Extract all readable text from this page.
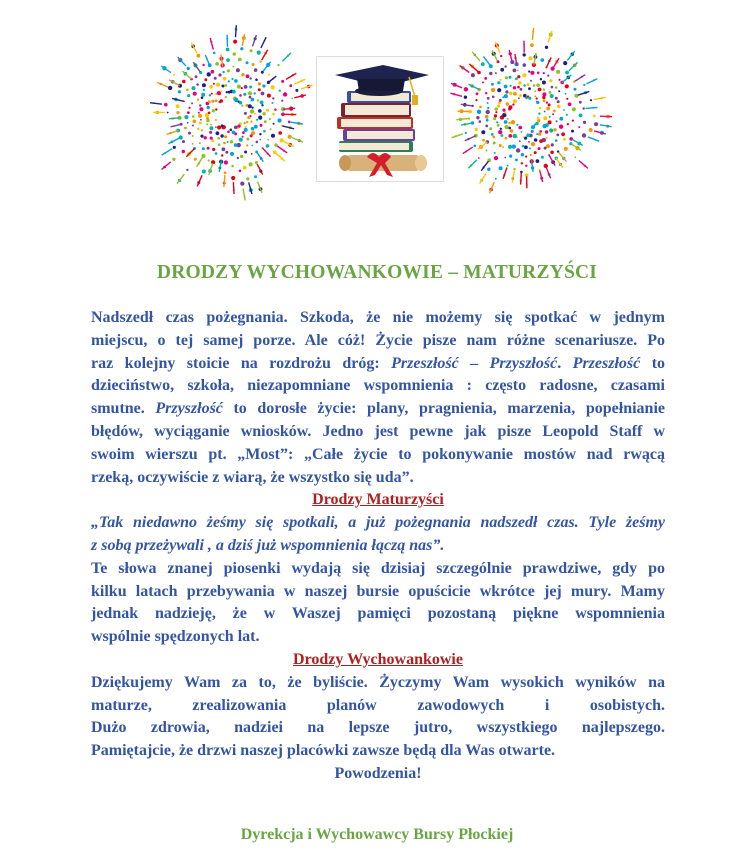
DRODZY WYCHOWANKOWIE – MATURZYŚCI

Nadszedł czas pożegnania. Szkoda, że nie możemy się spotkać w jednym

miejscu, o tej samej porze. Ale cóż! Życie pisze nam różne scenariusze. Po

raz kolejny stoicie na rozdrożu dróg: Przeszłość – Przyszłość. Przeszłość to

dzieciństwo, szkoła, niezapomniane wspomnienia : często radosne, czasami

smutne. Przyszłość to dorosłe życie: plany, pragnienia, marzenia, popełnianie

błędów, wyciąganie wniosków. Jedno jest pewne jak pisze Leopold Staff w

swoim wierszu pt. „Most”: „Całe życie to pokonywanie mostów nad rwącą

rzeką, oczywiście z wiarą, że wszystko się uda”.

Drodzy Maturzyści

„Tak niedawno żeśmy się spotkali, a już pożegnania nadszedł czas. Tyle żeśmy

z sobą przeżywali , a dziś już wspomnienia łączą nas”.

Te słowa znanej piosenki wydają się dzisiaj szczególnie prawdziwe, gdy po

kilku latach przebywania w naszej bursie opuścicie wkrótce jej mury. Mamy

jednak nadzieję, że w Waszej pamięci pozostaną piękne wspomnienia

wspólnie spędzonych lat.

Drodzy Wychowankowie

Dziękujemy Wam za to, że byliście. Życzymy Wam wysokich wyników na

maturze, zrealizowania planów zawodowych i osobistych.

Dużo zdrowia, nadziei na lepsze jutro, wszystkiego najlepszego.

Pamiętajcie, że drzwi naszej placówki zawsze będą dla Was otwarte.

Powodzenia!

Dyrekcja i Wychowawcy Bursy Płockiej
